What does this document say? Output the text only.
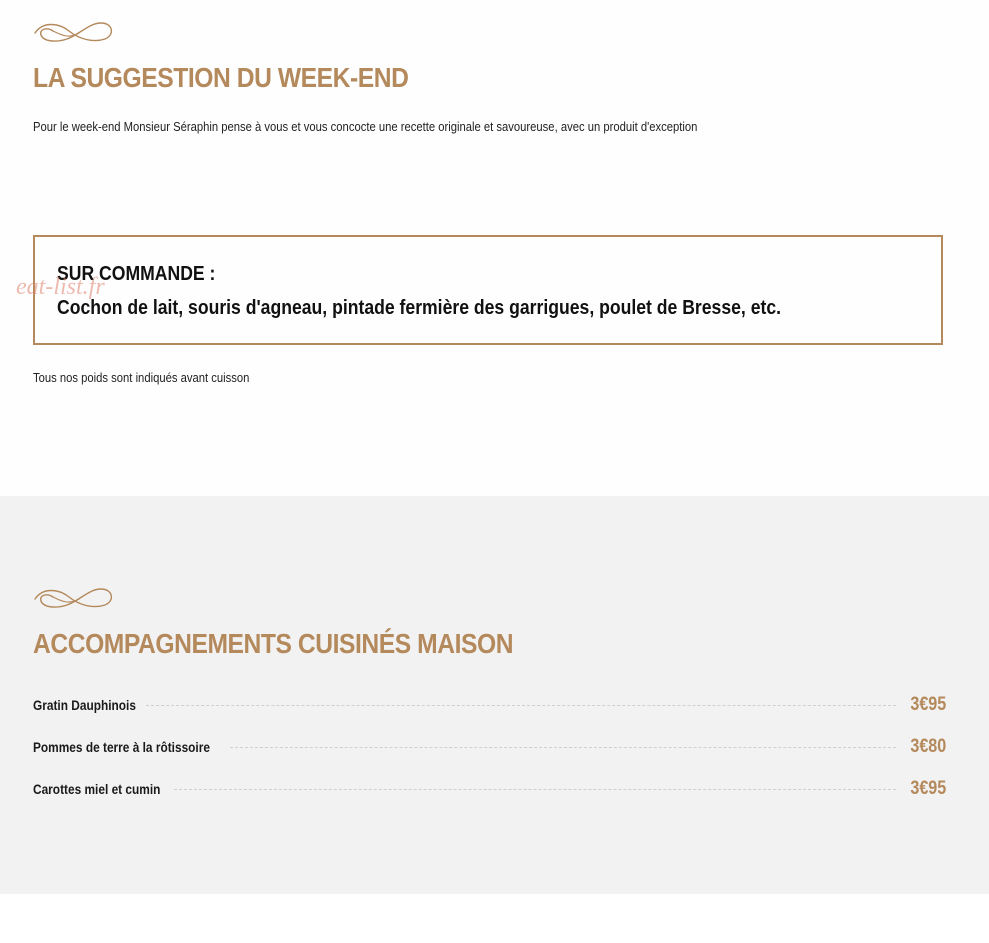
LA SUGGESTION DU WEEK-END
Pour le week-end Monsieur Séraphin pense à vous et vous concocte une recette originale et savoureuse, avec un produit d'exception
SUR COMMANDE :
Cochon de lait, souris d'agneau, pintade fermière des garrigues, poulet de Bresse, etc.
eat-list.fr
Tous nos poids sont indiqués avant cuisson
ACCOMPAGNEMENTS CUISINÉS MAISON
Gratin Dauphinois	3€95
Pommes de terre à la rôtissoire	3€80
Carottes miel et cumin	3€95
